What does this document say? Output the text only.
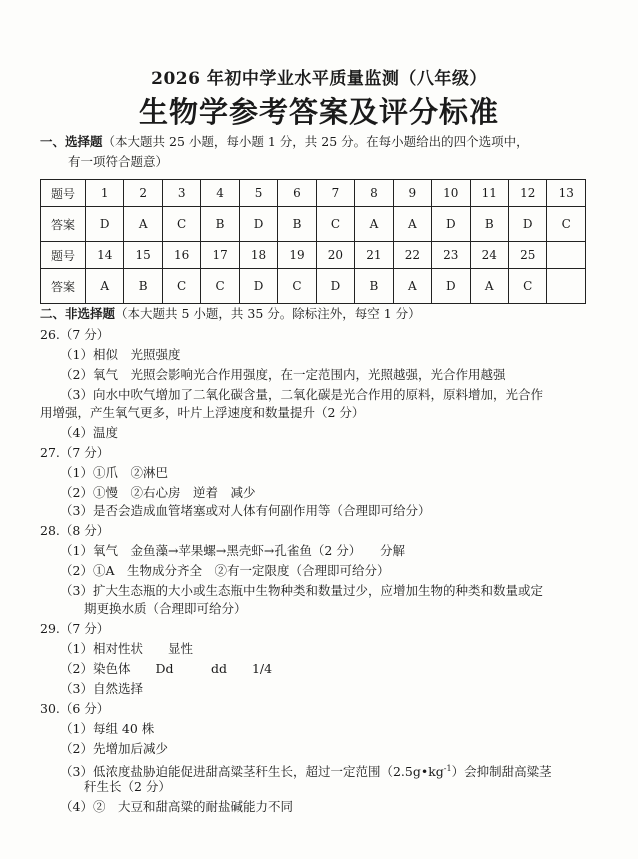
2026 年初中学业水平质量监测（八年级）
生物学参考答案及评分标准
一、选择题（本大题共 25 小题，每小题 1 分，共 25 分。在每小题给出的四个选项中，
有一项符合题意）
题号	1	2	3	4	5	6	7	8	9	10	11	12	13
答案	D	A	C	B	D	B	C	A	A	D	B	D	C
题号	14	15	16	17	18	19	20	21	22	23	24	25	
答案	A	B	C	C	D	C	D	B	A	D	A	C	
二、非选择题（本大题共 5 小题，共 35 分。除标注外，每空 1 分）
26.（7 分）
（1）相似　光照强度
（2）氧气　光照会影响光合作用强度，在一定范围内，光照越强，光合作用越强
（3）向水中吹气增加了二氧化碳含量，二氧化碳是光合作用的原料，原料增加，光合作
用增强，产生氧气更多，叶片上浮速度和数量提升（2 分）
（4）温度
27.（7 分）
（1）①爪　②淋巴
（2）①慢　②右心房　逆着　减少
（3）是否会造成血管堵塞或对人体有何副作用等（合理即可给分）
28.（8 分）
（1）氧气　金鱼藻→苹果螺→黑壳虾→孔雀鱼（2 分）　　分解
（2）①A　生物成分齐全　②有一定限度（合理即可给分）
（3）扩大生态瓶的大小或生态瓶中生物种类和数量过少，应增加生物的种类和数量或定
期更换水质（合理即可给分）
29.（7 分）
（1）相对性状　　显性
（2）染色体　　Dd　　　dd　　1/4
（3）自然选择
30.（6 分）
（1）每组 40 株
（2）先增加后减少
（3）低浓度盐胁迫能促进甜高粱茎秆生长，超过一定范围$(2.5g•kg^{-1})$会抑制甜高粱茎
秆生长（2 分）
（4）②　大豆和甜高粱的耐盐碱能力不同
